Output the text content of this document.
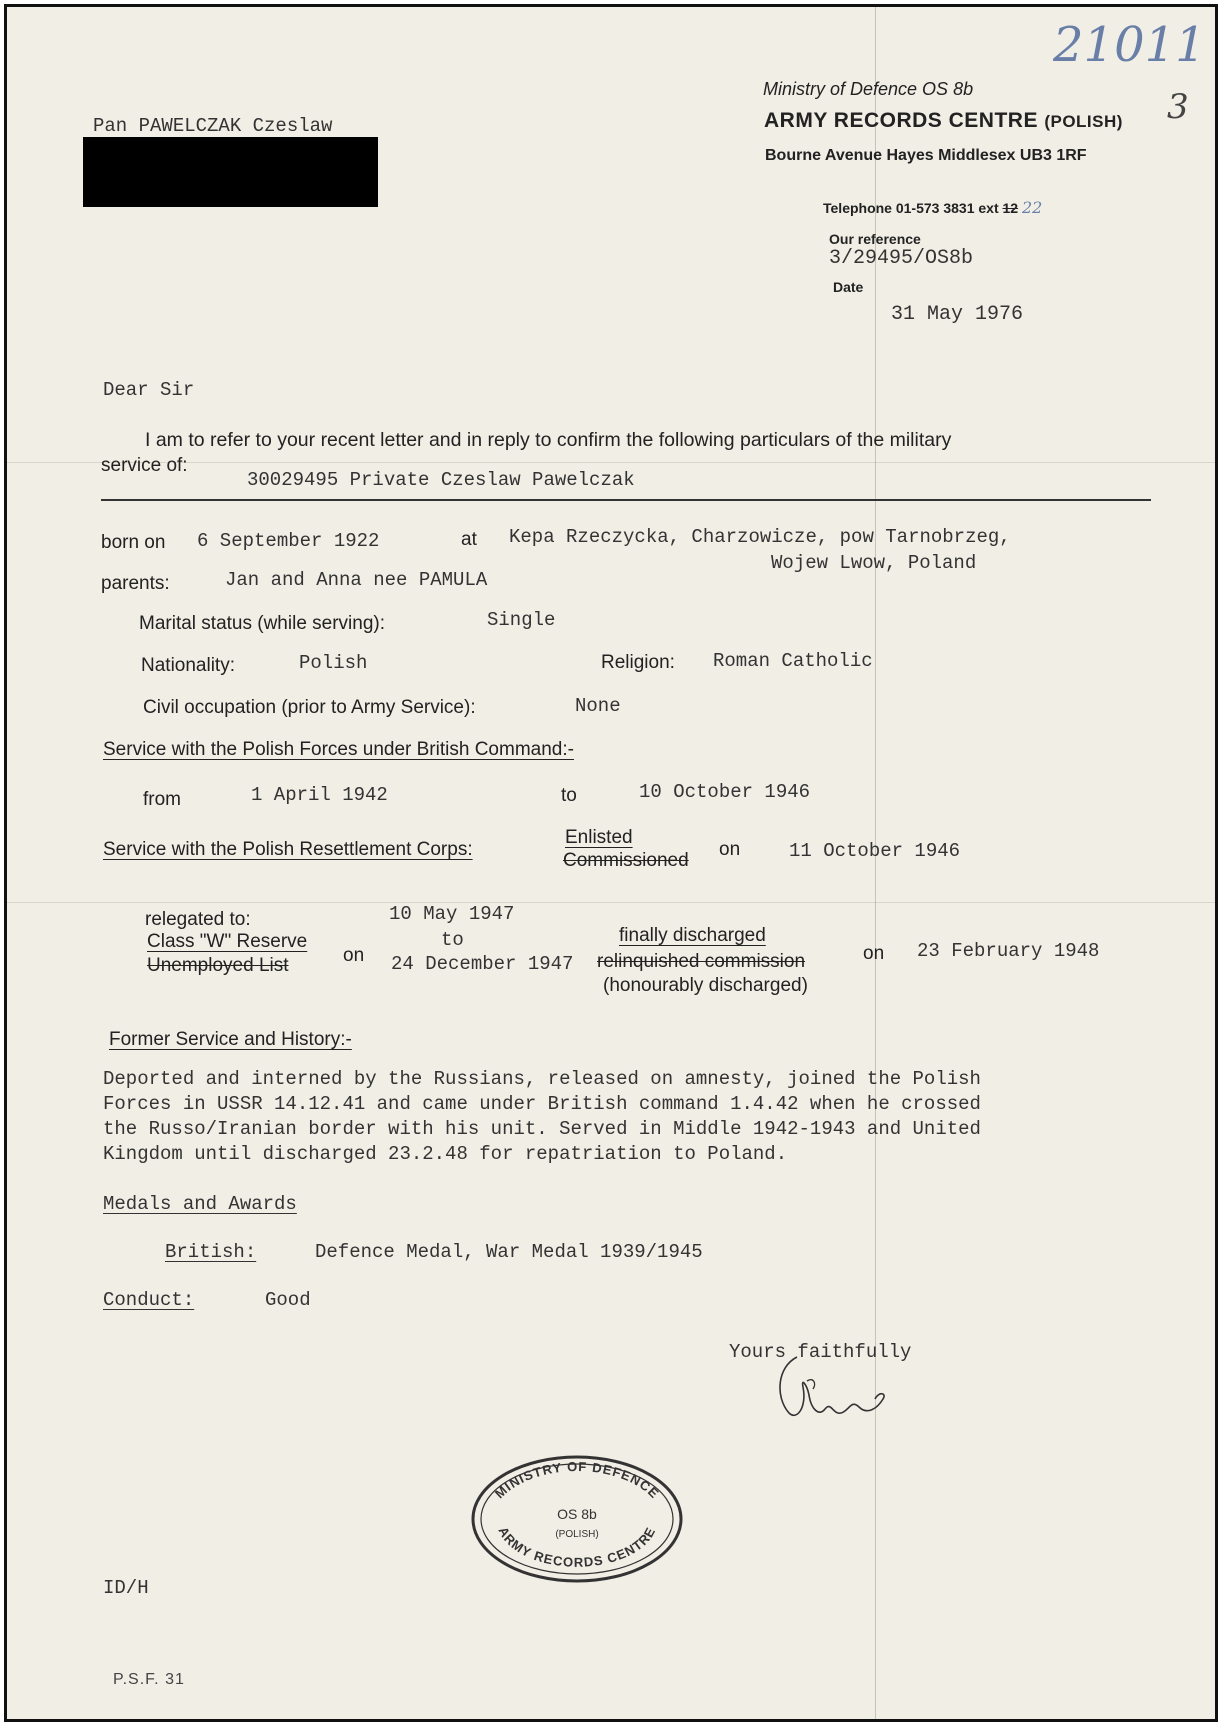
21011
3
Pan PAWELCZAK Czeslaw
Ministry of Defence OS 8b
ARMY RECORDS CENTRE (POLISH)
Bourne Avenue Hayes Middlesex UB3 1RF
Telephone 01-573 3831 ext 12 22
Our reference
3/29495/OS8b
Date
31 May 1976
Dear Sir
I am to refer to your recent letter and in reply to confirm the following particulars of the military
service of:
30029495 Private Czeslaw Pawelczak
born on 6 September 1922	at Kepa Rzeczycka, Charzowicze, pow Tarnobrzeg,
Wojew Lwow, Poland
parents:	Jan and Anna nee PAMULA
Marital status (while serving):	Single
Nationality:	Polish	Religion: Roman Catholic
Civil occupation (prior to Army Service):	None
Service with the Polish Forces under British Command:-
from	1 April 1942	to	10 October 1946
Service with the Polish Resettlement Corps:
Enlisted
Commissioned
on	11 October 1946
relegated to:
Class "W" Reserve
Unemployed List	on
10 May 1947
to
24 December 1947
finally discharged
relinquished commission
(honourably discharged)
on 23 February 1948
Former Service and History:-
Deported and interned by the Russians, released on amnesty, joined the Polish
Forces in USSR 14.12.41 and came under British command 1.4.42 when he crossed
the Russo/Iranian border with his unit. Served in Middle 1942-1943 and United
Kingdom until discharged 23.2.48 for repatriation to Poland.
Medals and Awards
British:	Defence Medal, War Medal 1939/1945
Conduct:	Good
Yours faithfully
MINISTRY OF DEFENCE
ARMY RECORDS CENTRE
OS 8b
(POLISH)
ID/H
P.S.F. 31
